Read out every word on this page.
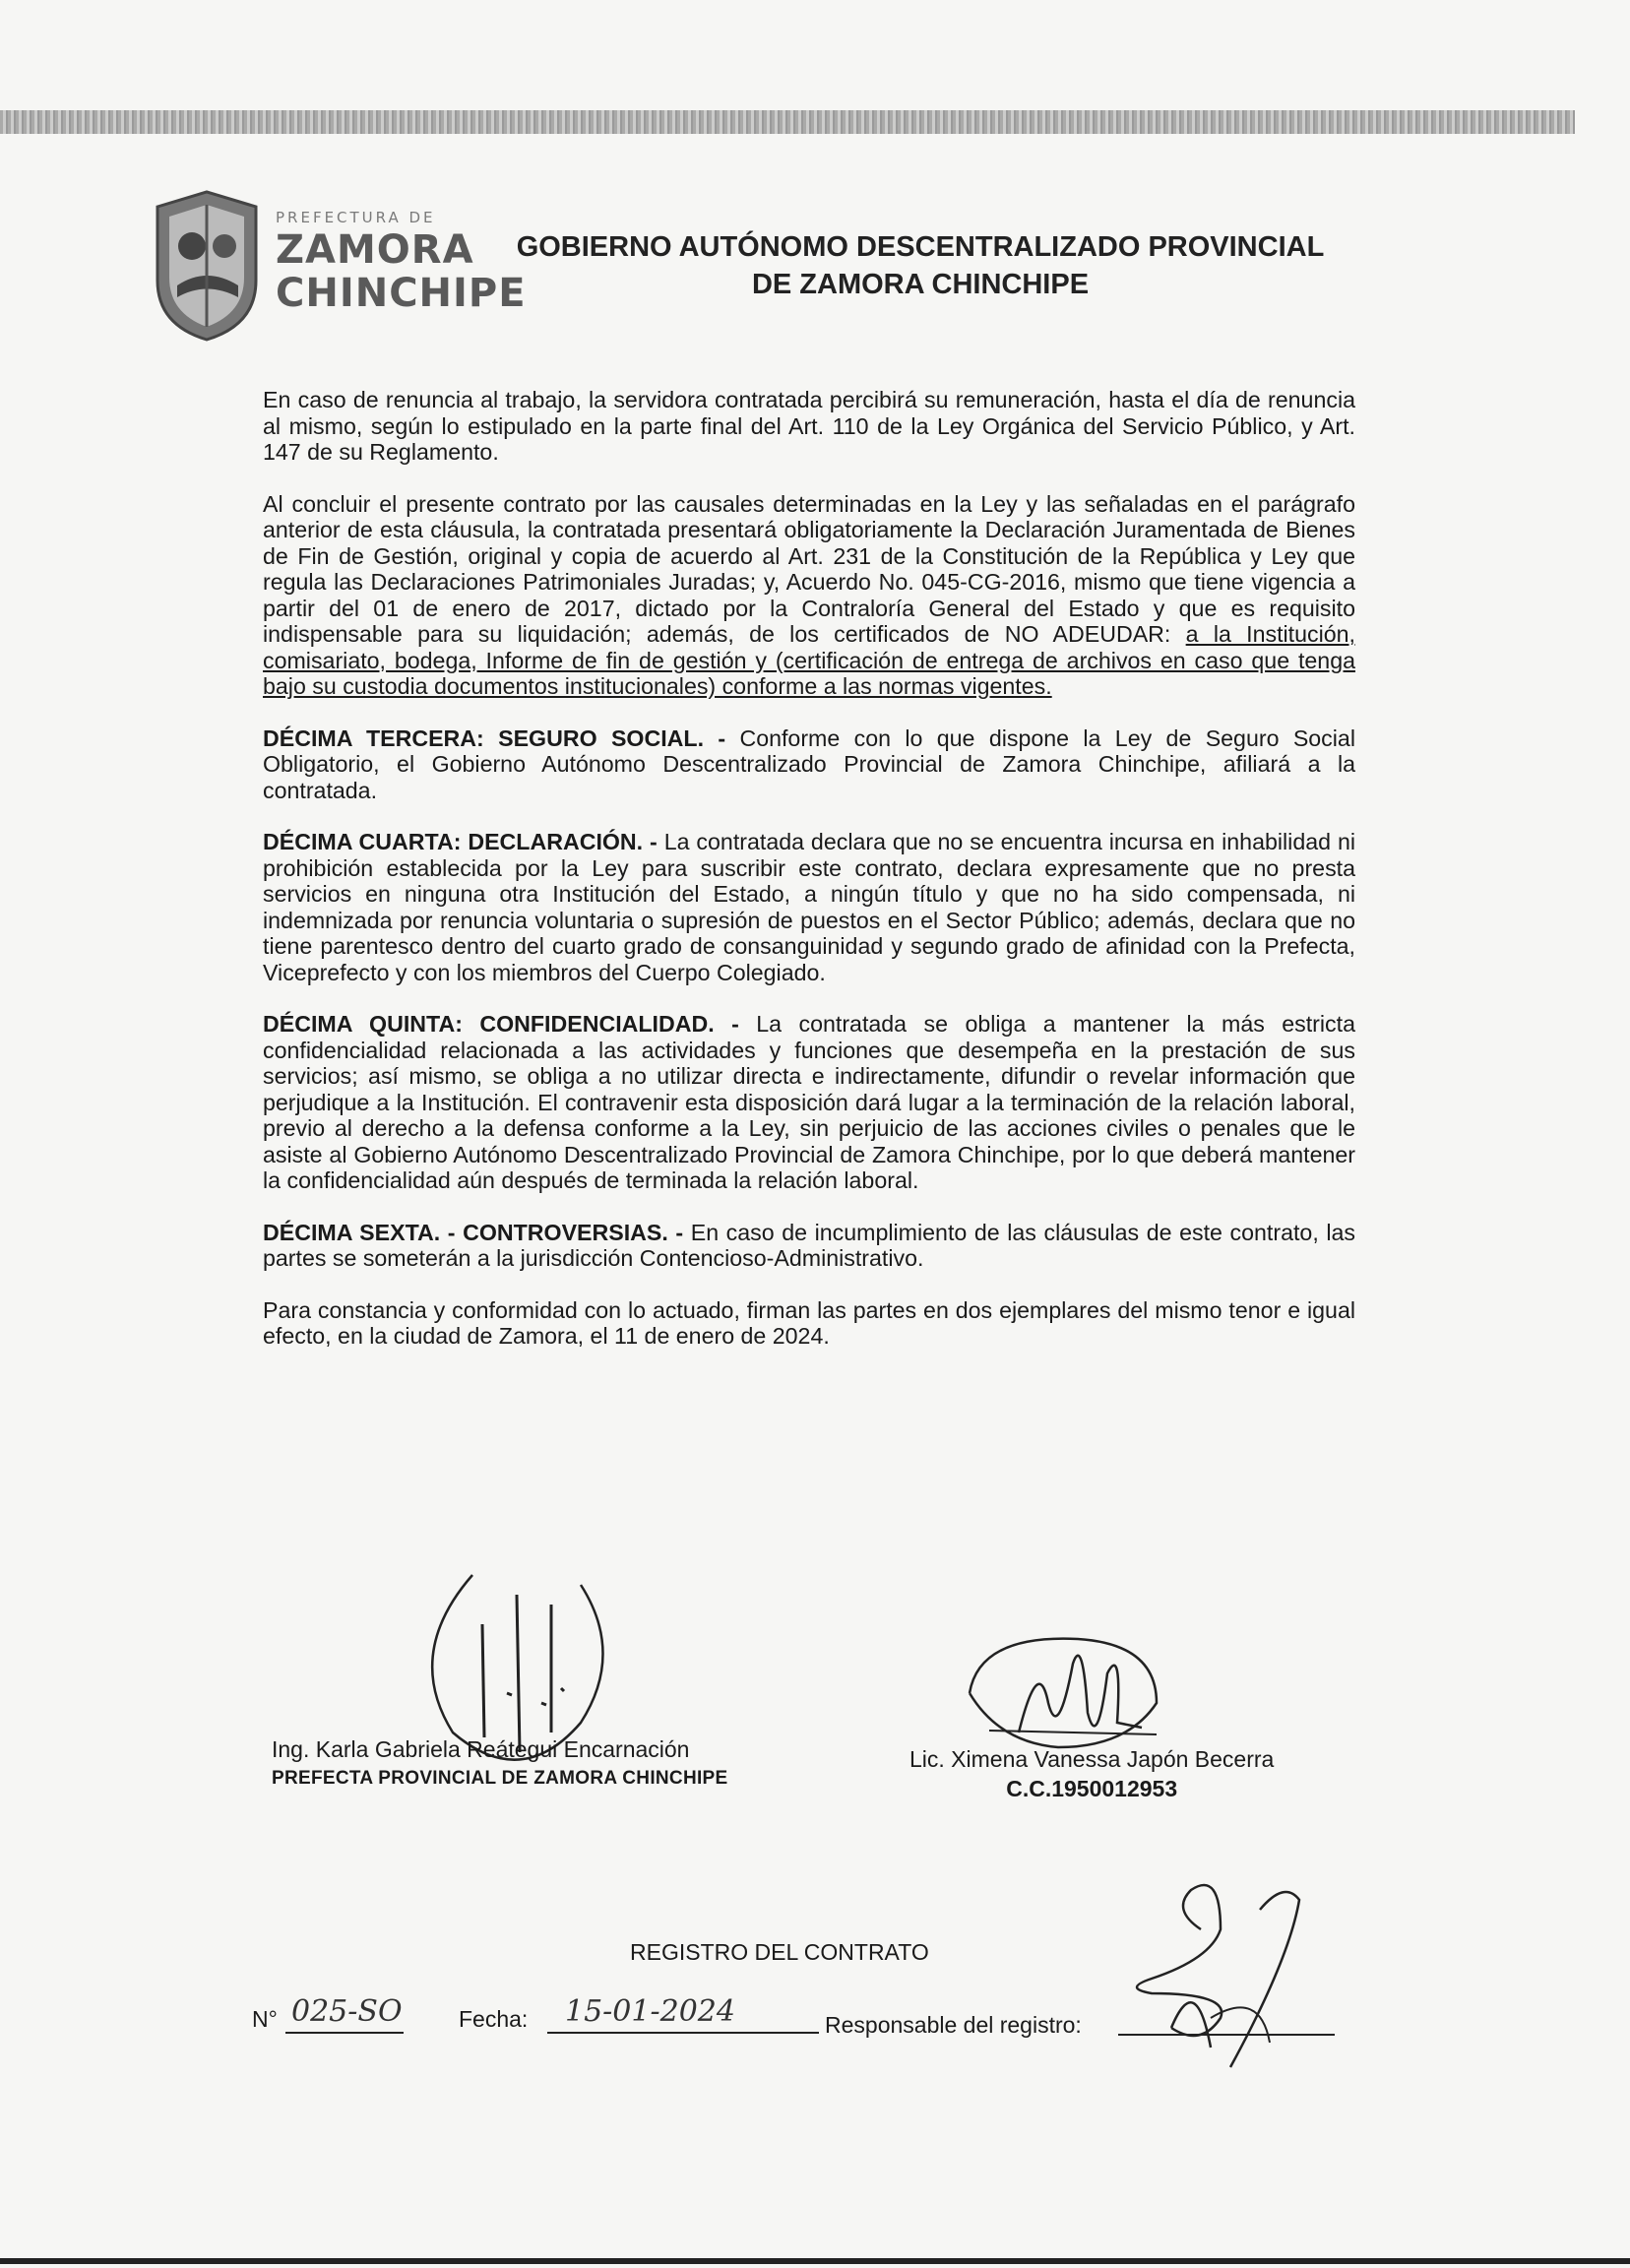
PREFECTURA DE
ZAMORA
CHINCHIPE
GOBIERNO AUTÓNOMO DESCENTRALIZADO PROVINCIAL
DE ZAMORA CHINCHIPE

En caso de renuncia al trabajo, la servidora contratada percibirá su remuneración, hasta el día de renuncia al mismo, según lo estipulado en la parte final del Art. 110 de la Ley Orgánica del Servicio Público, y Art. 147 de su Reglamento.

Al concluir el presente contrato por las causales determinadas en la Ley y las señaladas en el parágrafo anterior de esta cláusula, la contratada presentará obligatoriamente la Declaración Juramentada de Bienes de Fin de Gestión, original y copia de acuerdo al Art. 231 de la Constitución de la República y Ley que regula las Declaraciones Patrimoniales Juradas; y, Acuerdo No. 045-CG-2016, mismo que tiene vigencia a partir del 01 de enero de 2017, dictado por la Contraloría General del Estado y que es requisito indispensable para su liquidación; además, de los certificados de NO ADEUDAR: a la Institución, comisariato, bodega, Informe de fin de gestión y (certificación de entrega de archivos en caso que tenga bajo su custodia documentos institucionales) conforme a las normas vigentes.

DÉCIMA TERCERA: SEGURO SOCIAL. - Conforme con lo que dispone la Ley de Seguro Social Obligatorio, el Gobierno Autónomo Descentralizado Provincial de Zamora Chinchipe, afiliará a la contratada.

DÉCIMA CUARTA: DECLARACIÓN. - La contratada declara que no se encuentra incursa en inhabilidad ni prohibición establecida por la Ley para suscribir este contrato, declara expresamente que no presta servicios en ninguna otra Institución del Estado, a ningún título y que no ha sido compensada, ni indemnizada por renuncia voluntaria o supresión de puestos en el Sector Público; además, declara que no tiene parentesco dentro del cuarto grado de consanguinidad y segundo grado de afinidad con la Prefecta, Viceprefecto y con los miembros del Cuerpo Colegiado.

DÉCIMA QUINTA: CONFIDENCIALIDAD. - La contratada se obliga a mantener la más estricta confidencialidad relacionada a las actividades y funciones que desempeña en la prestación de sus servicios; así mismo, se obliga a no utilizar directa e indirectamente, difundir o revelar información que perjudique a la Institución. El contravenir esta disposición dará lugar a la terminación de la relación laboral, previo al derecho a la defensa conforme a la Ley, sin perjuicio de las acciones civiles o penales que le asiste al Gobierno Autónomo Descentralizado Provincial de Zamora Chinchipe, por lo que deberá mantener la confidencialidad aún después de terminada la relación laboral.

DÉCIMA SEXTA. - CONTROVERSIAS. - En caso de incumplimiento de las cláusulas de este contrato, las partes se someterán a la jurisdicción Contencioso-Administrativo.

Para constancia y conformidad con lo actuado, firman las partes en dos ejemplares del mismo tenor e igual efecto, en la ciudad de Zamora, el 11 de enero de 2024.

Ing. Karla Gabriela Reátegui Encarnación
PREFECTA PROVINCIAL DE ZAMORA CHINCHIPE
Lic. Ximena Vanessa Japón Becerra
C.C.1950012953
REGISTRO DEL CONTRATO
N° 025-SO Fecha: 15-01-2024	Responsable del registro:
